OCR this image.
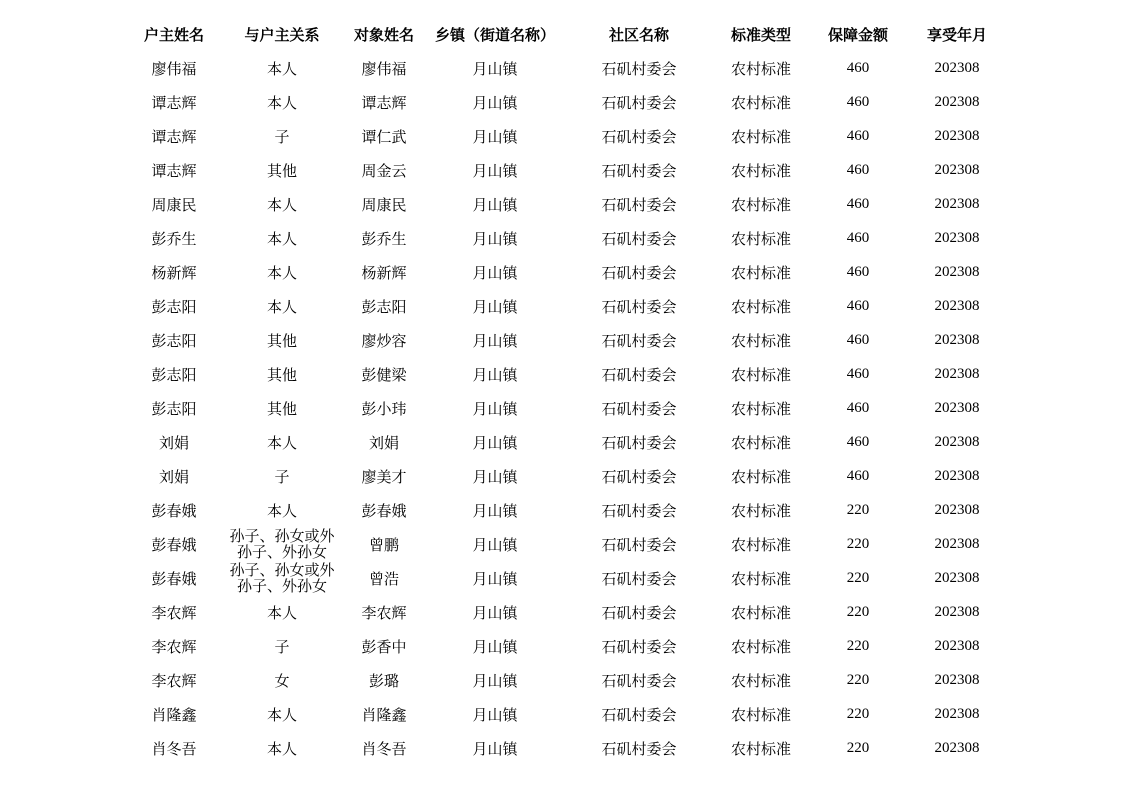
户主姓名	与户主关系	对象姓名	乡镇（街道名称）	社区名称	标准类型	保障金额	享受年月
廖伟福	本人	廖伟福	月山镇	石矶村委会	农村标准	460	202308
谭志辉	本人	谭志辉	月山镇	石矶村委会	农村标准	460	202308
谭志辉	子	谭仁武	月山镇	石矶村委会	农村标准	460	202308
谭志辉	其他	周金云	月山镇	石矶村委会	农村标准	460	202308
周康民	本人	周康民	月山镇	石矶村委会	农村标准	460	202308
彭乔生	本人	彭乔生	月山镇	石矶村委会	农村标准	460	202308
杨新辉	本人	杨新辉	月山镇	石矶村委会	农村标准	460	202308
彭志阳	本人	彭志阳	月山镇	石矶村委会	农村标准	460	202308
彭志阳	其他	廖炒容	月山镇	石矶村委会	农村标准	460	202308
彭志阳	其他	彭健梁	月山镇	石矶村委会	农村标准	460	202308
彭志阳	其他	彭小玮	月山镇	石矶村委会	农村标准	460	202308
刘娟	本人	刘娟	月山镇	石矶村委会	农村标准	460	202308
刘娟	子	廖美才	月山镇	石矶村委会	农村标准	460	202308
彭春娥	本人	彭春娥	月山镇	石矶村委会	农村标准	220	202308
彭春娥	孙子、孙女或外孙子、外孙女	曾鹏	月山镇	石矶村委会	农村标准	220	202308
彭春娥	孙子、孙女或外孙子、外孙女	曾浩	月山镇	石矶村委会	农村标准	220	202308
李农辉	本人	李农辉	月山镇	石矶村委会	农村标准	220	202308
李农辉	子	彭香中	月山镇	石矶村委会	农村标准	220	202308
李农辉	女	彭璐	月山镇	石矶村委会	农村标准	220	202308
肖隆鑫	本人	肖隆鑫	月山镇	石矶村委会	农村标准	220	202308
肖冬吾	本人	肖冬吾	月山镇	石矶村委会	农村标准	220	202308
